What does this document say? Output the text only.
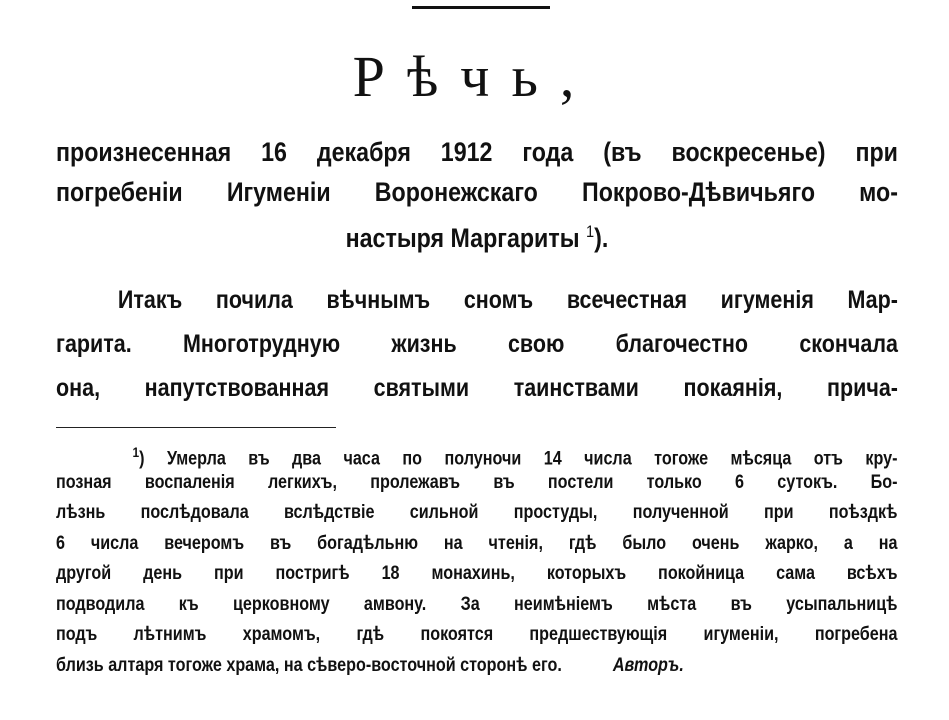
Рѣчь,

произнесенная 16 декабря 1912 года (въ воскресенье) при
погребенiи Игуменiи Воронежскаго Покрово-Дѣвичьяго мо-
настыря Маргариты $^1$).

Итакъ почила вѣчнымъ сномъ всечестная игуменiя Мар-
гарита. Многотрудную жизнь свою благочестно скончала
она, напутствованная святыми таинствами покаянiя, прича-
$^1$) Умерла въ два часа по полуночи 14 числа тогоже мѣсяца отъ кру-
позная воспаленiя легкихъ, пролежавъ въ постели только 6 сутокъ. Бо-
лѣзнь послѣдовала вслѣдствiе сильной простуды, полученной при поѣздкѣ
6 числа вечеромъ въ богадѣльню на чтенiя, гдѣ было очень жарко, а на
другой день при постригѣ 18 монахинь, которыхъ покойница сама всѣхъ
подводила къ церковному амвону. За неимѣнiемъ мѣста въ усыпальницѣ
подъ лѣтнимъ храмомъ, гдѣ покоятся предшествующiя игуменiи, погребена
близь алтаря тогоже храма, на сѣверо-восточной сторонѣ его.	Авторъ.
